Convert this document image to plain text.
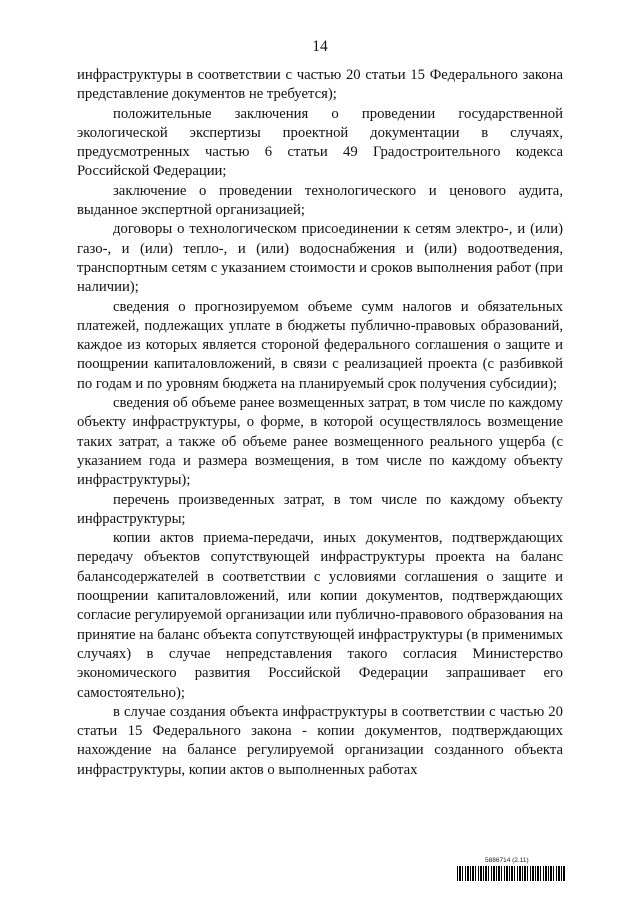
14

инфраструктуры в соответствии с частью 20 статьи 15 Федерального закона представление документов не требуется);

положительные заключения о проведении государственной экологической экспертизы проектной документации в случаях, предусмотренных частью 6 статьи 49 Градостроительного кодекса Российской Федерации;

заключение о проведении технологического и ценового аудита, выданное экспертной организацией;

договоры о технологическом присоединении к сетям электро-, и (или) газо-, и (или) тепло-, и (или) водоснабжения и (или) водоотведения, транспортным сетям с указанием стоимости и сроков выполнения работ (при наличии);

сведения о прогнозируемом объеме сумм налогов и обязательных платежей, подлежащих уплате в бюджеты публично-правовых образований, каждое из которых является стороной федерального соглашения о защите и поощрении капиталовложений, в связи с реализацией проекта (с разбивкой по годам и по уровням бюджета на планируемый срок получения субсидии);

сведения об объеме ранее возмещенных затрат, в том числе по каждому объекту инфраструктуры, о форме, в которой осуществлялось возмещение таких затрат, а также об объеме ранее возмещенного реального ущерба (с указанием года и размера возмещения, в том числе по каждому объекту инфраструктуры);

перечень произведенных затрат, в том числе по каждому объекту инфраструктуры;

копии актов приема-передачи, иных документов, подтверждающих передачу объектов сопутствующей инфраструктуры проекта на баланс балансодержателей в соответствии с условиями соглашения о защите и поощрении капиталовложений, или копии документов, подтверждающих согласие регулируемой организации или публично-правового образования на принятие на баланс объекта сопутствующей инфраструктуры (в применимых случаях) в случае непредставления такого согласия Министерство экономического развития Российской Федерации запрашивает его самостоятельно);

в случае создания объекта инфраструктуры в соответствии с частью 20 статьи 15 Федерального закона - копии документов, подтверждающих нахождение на балансе регулируемой организации созданного объекта инфраструктуры, копии актов о выполненных работах

5886714 (2.11)
